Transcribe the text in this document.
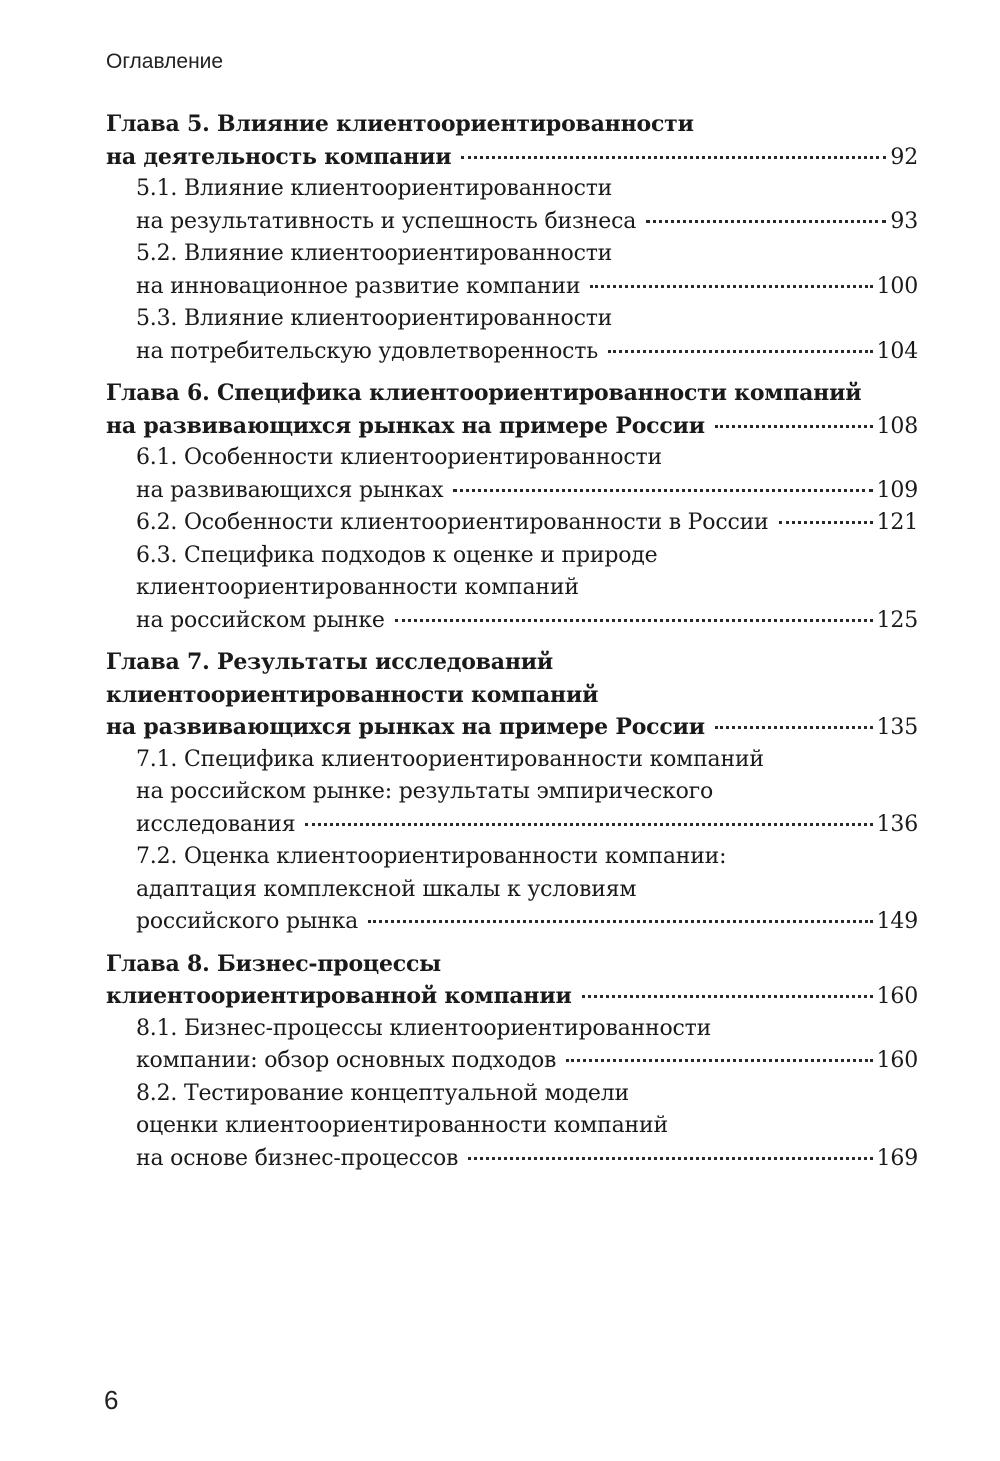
Оглавление
Глава 5. Влияние клиентоориентированности
на деятельность компании	92
5.1. Влияние клиентоориентированности
на результативность и успешность бизнеса	93
5.2. Влияние клиентоориентированности
на инновационное развитие компании	100
5.3. Влияние клиентоориентированности
на потребительскую удовлетворенность	104
Глава 6. Специфика клиентоориентированности компаний
на развивающихся рынках на примере России	108
6.1. Особенности клиентоориентированности
на развивающихся рынках	109
6.2. Особенности клиентоориентированности в России	121
6.3. Специфика подходов к оценке и природе
клиентоориентированности компаний
на российском рынке	125
Глава 7. Результаты исследований
клиентоориентированности компаний
на развивающихся рынках на примере России	135
7.1. Специфика клиентоориентированности компаний
на российском рынке: результаты эмпирического
исследования	136
7.2. Оценка клиентоориентированности компании:
адаптация комплексной шкалы к условиям
российского рынка	149
Глава 8. Бизнес-процессы
клиентоориентированной компании	160
8.1. Бизнес-процессы клиентоориентированности
компании: обзор основных подходов	160
8.2. Тестирование концептуальной модели
оценки клиентоориентированности компаний
на основе бизнес-процессов	169
6
